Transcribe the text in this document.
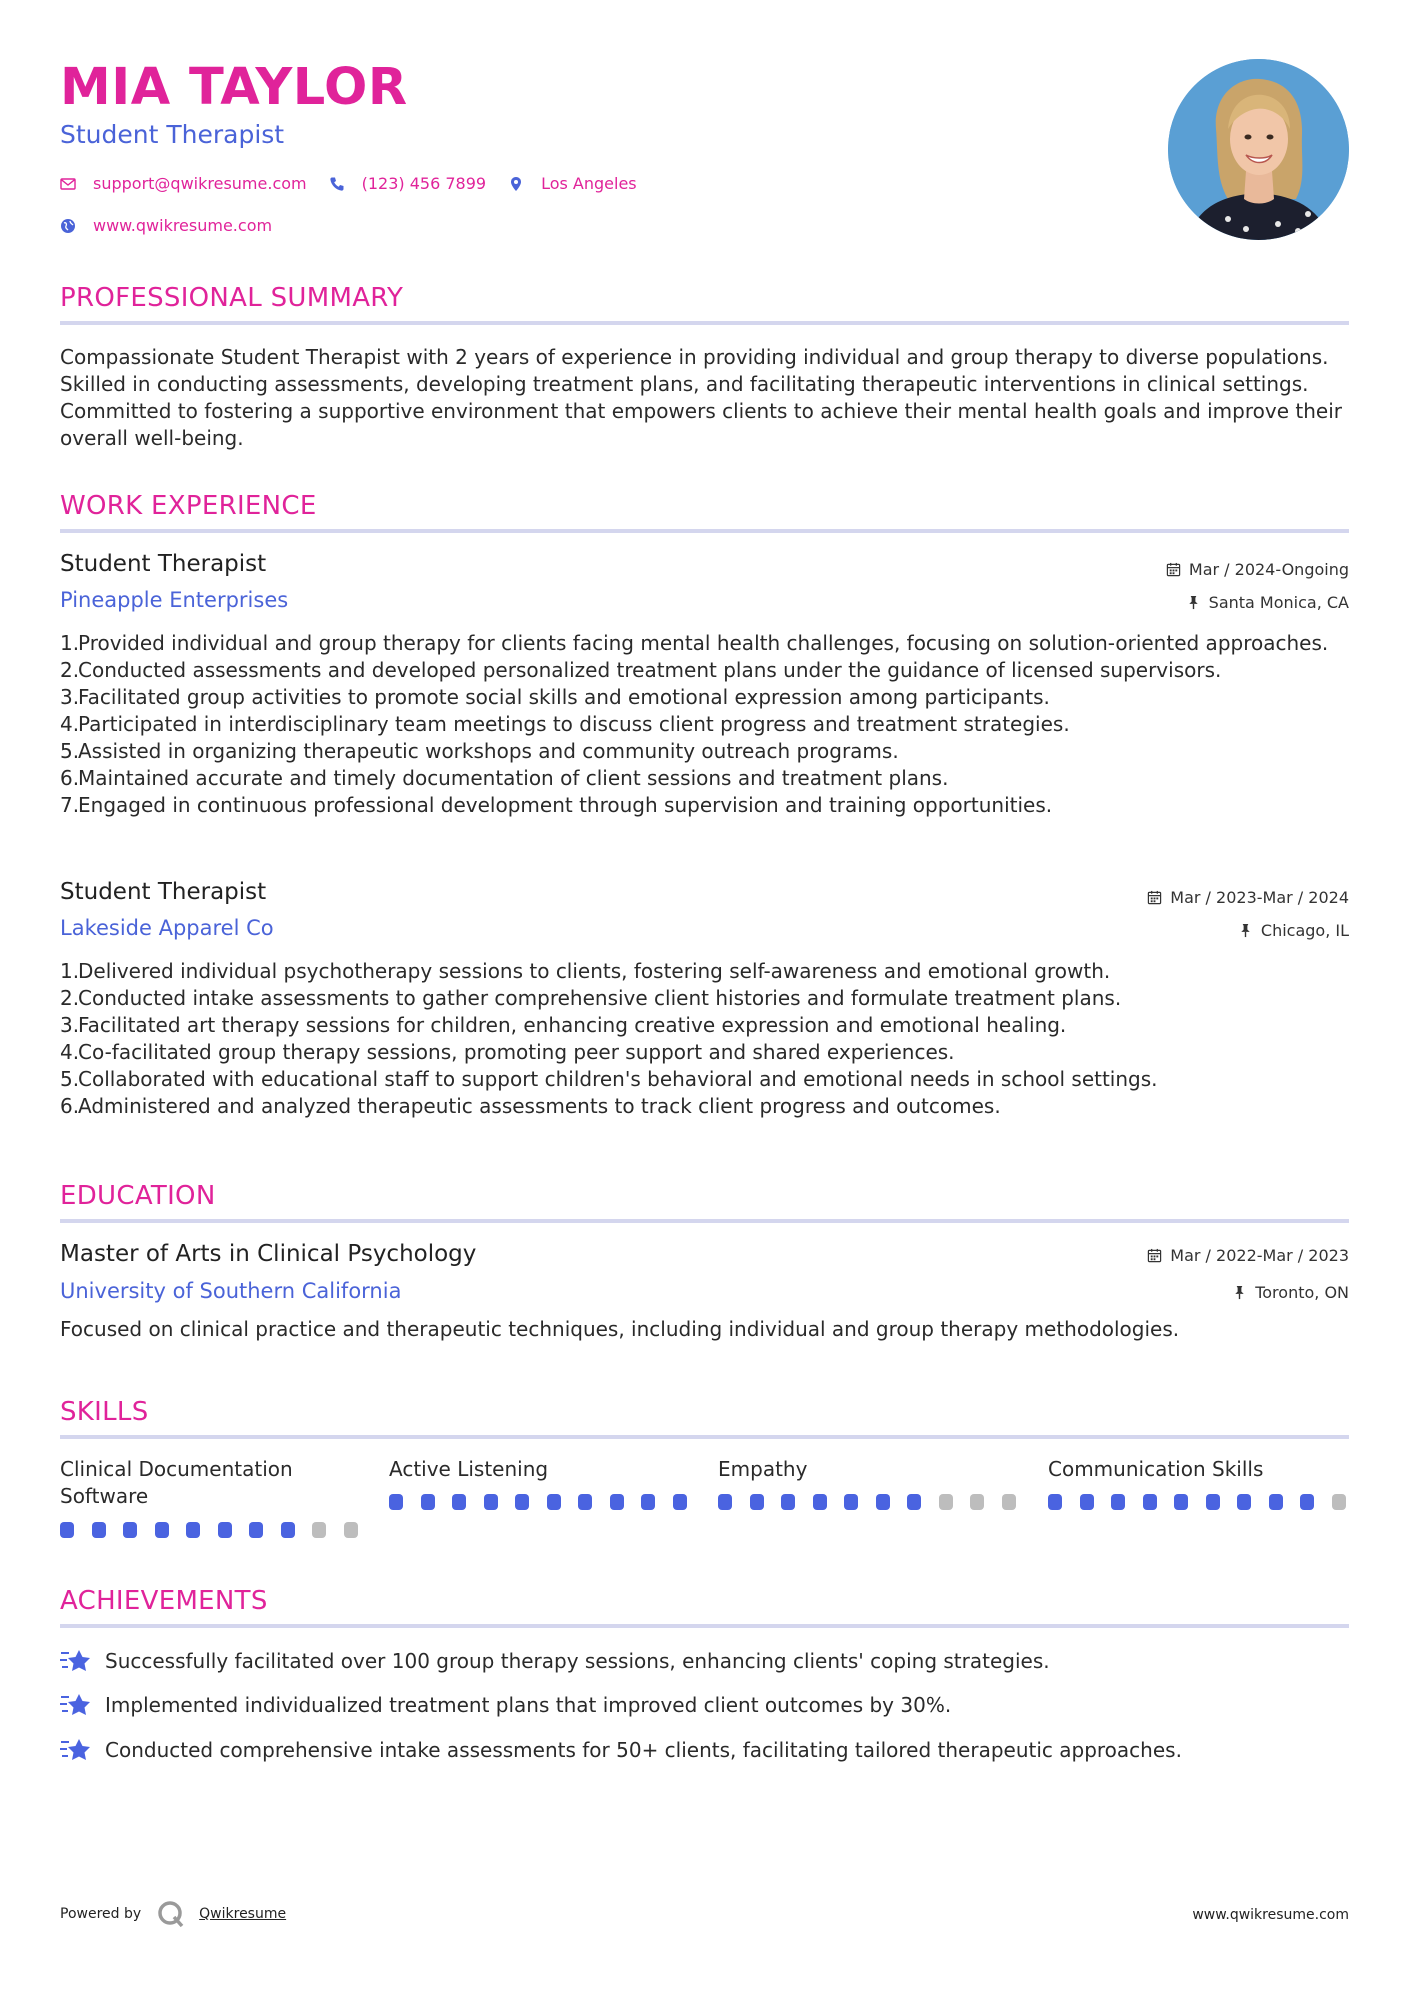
MIA TAYLOR
Student Therapist
support@qwikresume.com	(123) 456 7899	Los Angeles
www.qwikresume.com
PROFESSIONAL SUMMARY
Compassionate Student Therapist with 2 years of experience in providing individual and group therapy to diverse populations. Skilled in conducting assessments, developing treatment plans, and facilitating therapeutic interventions in clinical settings. Committed to fostering a supportive environment that empowers clients to achieve their mental health goals and improve their overall well-being.
WORK EXPERIENCE
Student Therapist	Mar / 2024-Ongoing
Pineapple Enterprises	Santa Monica, CA
1.
Provided individual and group therapy for clients facing mental health challenges, focusing on solution-oriented approaches.
2.
Conducted assessments and developed personalized treatment plans under the guidance of licensed supervisors.
3.
Facilitated group activities to promote social skills and emotional expression among participants.
4.
Participated in interdisciplinary team meetings to discuss client progress and treatment strategies.
5.
Assisted in organizing therapeutic workshops and community outreach programs.
6.
Maintained accurate and timely documentation of client sessions and treatment plans.
7.
Engaged in continuous professional development through supervision and training opportunities.
Student Therapist	Mar / 2023-Mar / 2024
Lakeside Apparel Co	Chicago, IL
1.
Delivered individual psychotherapy sessions to clients, fostering self-awareness and emotional growth.
2.
Conducted intake assessments to gather comprehensive client histories and formulate treatment plans.
3.
Facilitated art therapy sessions for children, enhancing creative expression and emotional healing.
4.
Co-facilitated group therapy sessions, promoting peer support and shared experiences.
5.
Collaborated with educational staff to support children's behavioral and emotional needs in school settings.
6.
Administered and analyzed therapeutic assessments to track client progress and outcomes.
EDUCATION
Master of Arts in Clinical Psychology	Mar / 2022-Mar / 2023
University of Southern California	Toronto, ON
Focused on clinical practice and therapeutic techniques, including individual and group therapy methodologies.
SKILLS
Clinical Documentation Software
Active Listening	Empathy	Communication Skills
ACHIEVEMENTS
Successfully facilitated over 100 group therapy sessions, enhancing clients' coping strategies.
Implemented individualized treatment plans that improved client outcomes by 30%.
Conducted comprehensive intake assessments for 50+ clients, facilitating tailored therapeutic approaches.
Powered by	Qwikresume	www.qwikresume.com
